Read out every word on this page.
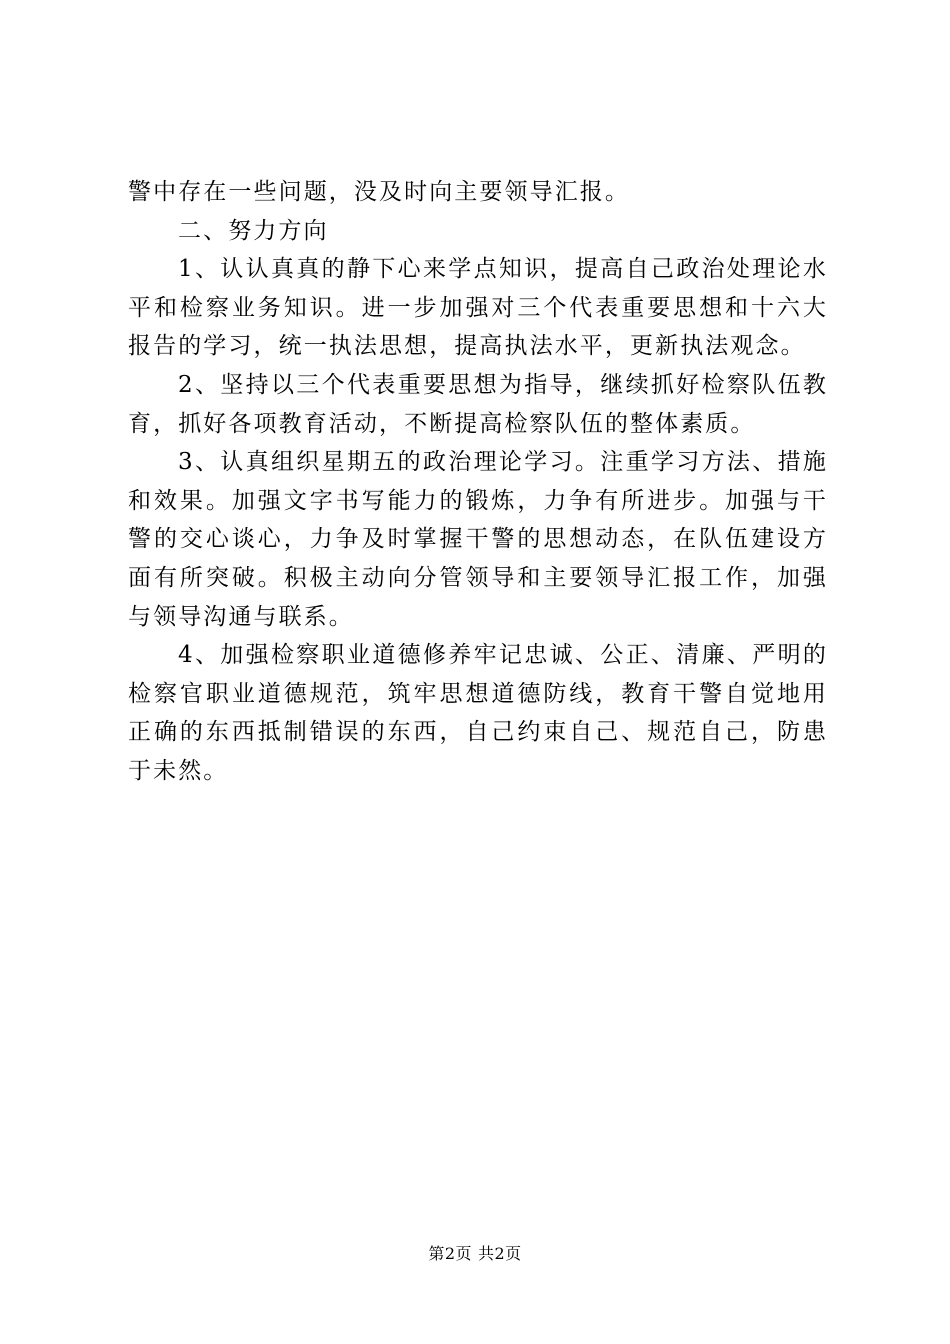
警中存在一些问题，没及时向主要领导汇报。

二、努力方向

1、认认真真的静下心来学点知识，提高自己政治处理论水平和检察业务知识。进一步加强对三个代表重要思想和十六大报告的学习，统一执法思想，提高执法水平，更新执法观念。

2、坚持以三个代表重要思想为指导，继续抓好检察队伍教育，抓好各项教育活动，不断提高检察队伍的整体素质。

3、认真组织星期五的政治理论学习。注重学习方法、措施和效果。加强文字书写能力的锻炼，力争有所进步。加强与干警的交心谈心，力争及时掌握干警的思想动态，在队伍建设方面有所突破。积极主动向分管领导和主要领导汇报工作，加强与领导沟通与联系。

4、加强检察职业道德修养牢记忠诚、公正、清廉、严明的检察官职业道德规范，筑牢思想道德防线，教育干警自觉地用正确的东西抵制错误的东西，自己约束自己、规范自己，防患于未然。

第2页 共2页
